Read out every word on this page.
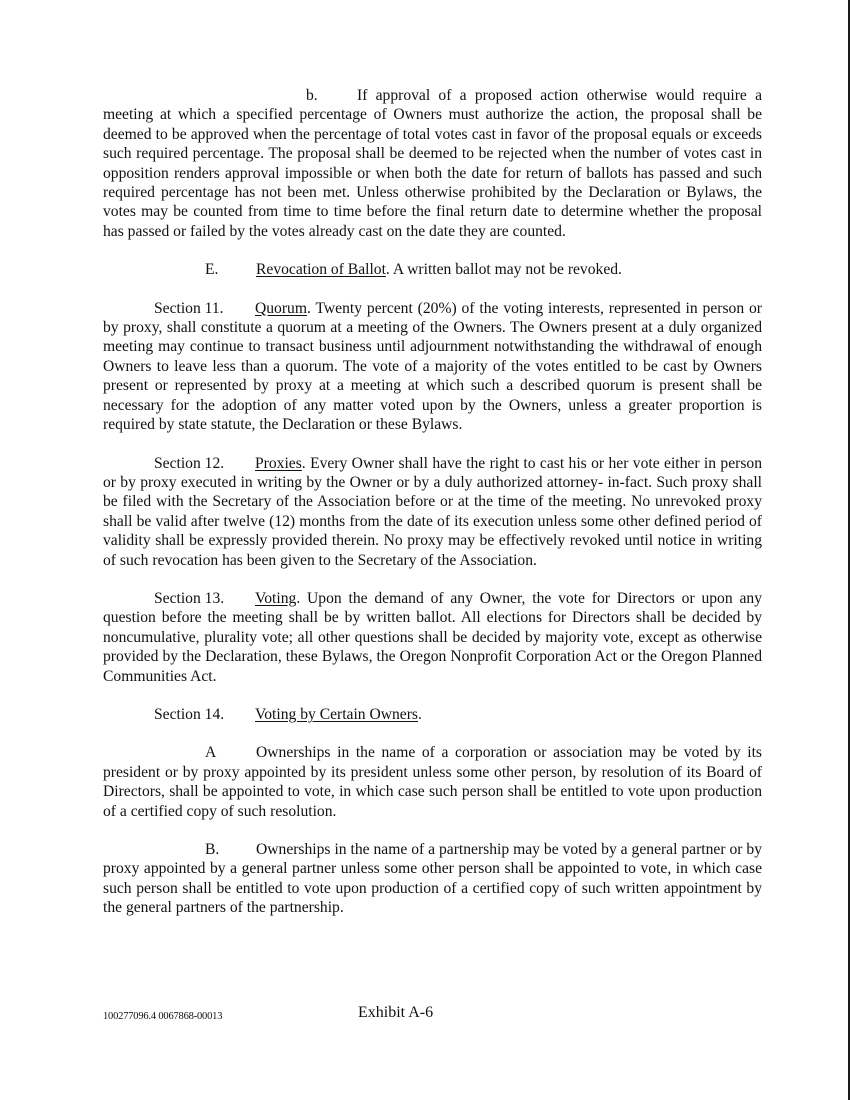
b.	If approval of a proposed action otherwise would require a meeting at which a specified percentage of Owners must authorize the action, the proposal shall be deemed to be approved when the percentage of total votes cast in favor of the proposal equals or exceeds such required percentage. The proposal shall be deemed to be rejected when the number of votes cast in opposition renders approval impossible or when both the date for return of ballots has passed and such required percentage has not been met. Unless otherwise prohibited by the Declaration or Bylaws, the votes may be counted from time to time before the final return date to determine whether the proposal has passed or failed by the votes already cast on the date they are counted.

E. Revocation of Ballot. A written ballot may not be revoked.

Section 11. Quorum. Twenty percent (20%) of the voting interests, represented in person or by proxy, shall constitute a quorum at a meeting of the Owners. The Owners present at a duly organized meeting may continue to transact business until adjournment notwithstanding the withdrawal of enough Owners to leave less than a quorum. The vote of a majority of the votes entitled to be cast by Owners present or represented by proxy at a meeting at which such a described quorum is present shall be necessary for the adoption of any matter voted upon by the Owners, unless a greater proportion is required by state statute, the Declaration or these Bylaws.

Section 12. Proxies. Every Owner shall have the right to cast his or her vote either in person or by proxy executed in writing by the Owner or by a duly authorized attorney- in-fact. Such proxy shall be filed with the Secretary of the Association before or at the time of the meeting. No unrevoked proxy shall be valid after twelve (12) months from the date of its execution unless some other defined period of validity shall be expressly provided therein. No proxy may be effectively revoked until notice in writing of such revocation has been given to the Secretary of the Association.

Section 13. Voting. Upon the demand of any Owner, the vote for Directors or upon any question before the meeting shall be by written ballot. All elections for Directors shall be decided by noncumulative, plurality vote; all other questions shall be decided by majority vote, except as otherwise provided by the Declaration, these Bylaws, the Oregon Nonprofit Corporation Act or the Oregon Planned Communities Act.

Section 14. Voting by Certain Owners.

A	Ownerships in the name of a corporation or association may be voted by its president or by proxy appointed by its president unless some other person, by resolution of its Board of Directors, shall be appointed to vote, in which case such person shall be entitled to vote upon production of a certified copy of such resolution.

B. Ownerships in the name of a partnership may be voted by a general partner or by proxy appointed by a general partner unless some other person shall be appointed to vote, in which case such person shall be entitled to vote upon production of a certified copy of such written appointment by the general partners of the partnership.

100277096.4 0067868-00013	Exhibit A-6
